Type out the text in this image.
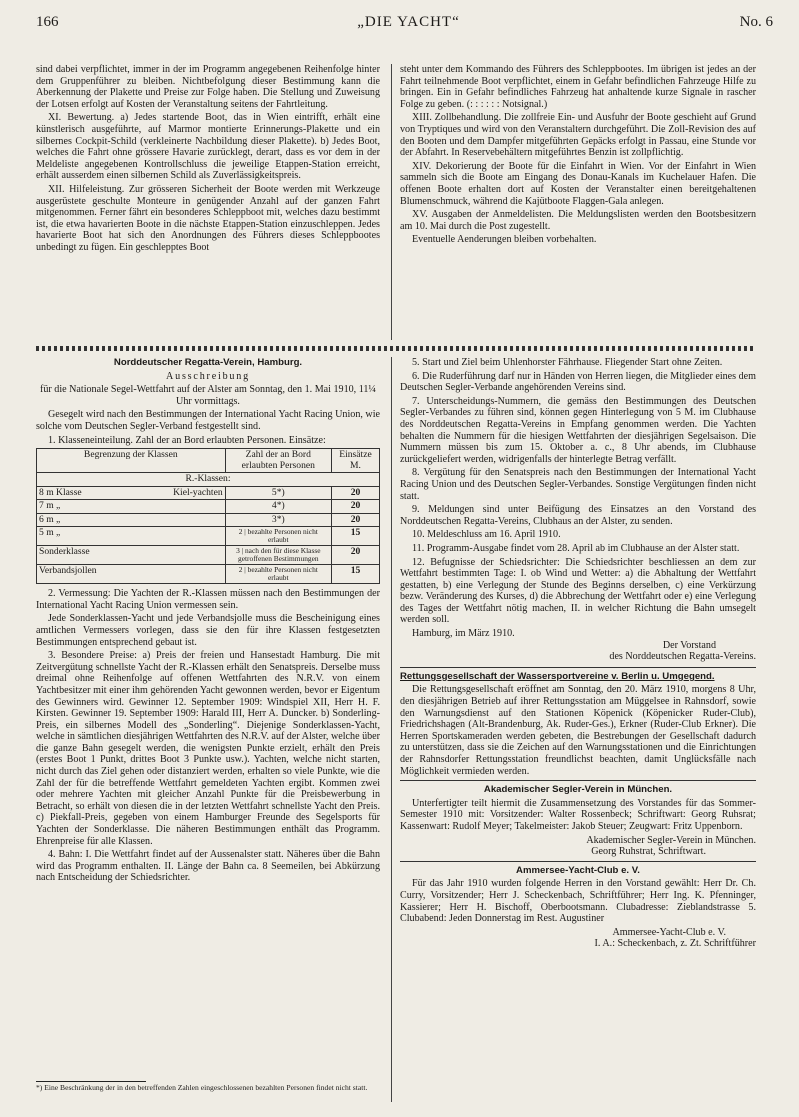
166	„DIE YACHT“	No. 6

sind dabei verpflichtet, immer in der im Programm angegebenen Reihenfolge hinter dem Gruppenführer zu bleiben. Nichtbefolgung dieser Bestimmung kann die Aberkennung der Plakette und Preise zur Folge haben. Die Stellung und Zuweisung der Lotsen erfolgt auf Kosten der Veranstaltung seitens der Fahrtleitung.

XI. Bewertung. a) Jedes startende Boot, das in Wien eintrifft, erhält eine künstlerisch ausgeführte, auf Marmor montierte Erinnerungs-Plakette und ein silbernes Cockpit-Schild (verkleinerte Nachbildung dieser Plakette). b) Jedes Boot, welches die Fahrt ohne grössere Havarie zurücklegt, derart, dass es vor dem in der Meldeliste angegebenen Kontrollschluss die jeweilige Etappen-Station erreicht, erhält ausserdem einen silbernen Schild als Zuverlässigkeitspreis.

XII. Hilfeleistung. Zur grösseren Sicherheit der Boote werden mit Werkzeuge ausgerüstete geschulte Monteure in genügender Anzahl auf der ganzen Fahrt mitgenommen. Ferner fährt ein besonderes Schleppboot mit, welches dazu bestimmt ist, die etwa havarierten Boote in die nächste Etappen-Station einzuschleppen. Jedes havarierte Boot hat sich den Anordnungen des Führers dieses Schleppbootes unbedingt zu fügen. Ein geschlepptes Boot

steht unter dem Kommando des Führers des Schleppbootes. Im übrigen ist jedes an der Fahrt teilnehmende Boot verpflichtet, einem in Gefahr befindlichen Fahrzeuge Hilfe zu bringen. Ein in Gefahr befindliches Fahrzeug hat anhaltende kurze Signale in rascher Folge zu geben. (: : : : : : Notsignal.)

XIII. Zollbehandlung. Die zollfreie Ein- und Ausfuhr der Boote geschieht auf Grund von Tryptiques und wird von den Veranstaltern durchgeführt. Die Zoll-Revision des auf den Booten und dem Dampfer mitgeführten Gepäcks erfolgt in Passau, eine Stunde vor der Abfahrt. In Reservebehältern mitgeführtes Benzin ist zollpflichtig.

XIV. Dekorierung der Boote für die Einfahrt in Wien. Vor der Einfahrt in Wien sammeln sich die Boote am Eingang des Donau-Kanals im Kuchelauer Hafen. Die offenen Boote erhalten dort auf Kosten der Veranstalter einen bereitgehaltenen Blumenschmuck, während die Kajütboote Flaggen-Gala anlegen.

XV. Ausgaben der Anmeldelisten. Die Meldungslisten werden den Bootsbesitzern am 10. Mai durch die Post zugestellt.

Eventuelle Aenderungen bleiben vorbehalten.

Norddeutscher Regatta-Verein, Hamburg.

Ausschreibung

für die Nationale Segel-Wettfahrt auf der Alster am Sonntag, den 1. Mai 1910, 11¼ Uhr vormittags.

Gesegelt wird nach den Bestimmungen der International Yacht Racing Union, wie solche vom Deutschen Segler-Verband festgestellt sind.

1. Klasseneinteilung. Zahl der an Bord erlaubten Personen. Einsätze:

Begrenzung der Klassen	Zahl der an Bord erlaubten Personen	Einsätze M.
R.-Klassen:		
8 m Klasse Kiel-yachten	5*)	20
7 m „	4*)	20
6 m „	3*)	20
5 m „	2 | bezahlte Personen nicht erlaubt	15
Sonderklasse	3 | nach den für diese Klasse getroffenen Bestimmungen	20
Verbandsjollen	2 | bezahlte Personen nicht erlaubt	15

2. Vermessung: Die Yachten der R.-Klassen müssen nach den Bestimmungen der International Yacht Racing Union vermessen sein.

Jede Sonderklassen-Yacht und jede Verbandsjolle muss die Bescheinigung eines amtlichen Vermessers vorlegen, dass sie den für ihre Klassen festgesetzten Bestimmungen entsprechend gebaut ist.

3. Besondere Preise: a) Preis der freien und Hansestadt Hamburg. Die mit Zeitvergütung schnellste Yacht der R.-Klassen erhält den Senatspreis. Derselbe muss dreimal ohne Reihenfolge auf offenen Wettfahrten des N.R.V. von einem Yachtbesitzer mit einer ihm gehörenden Yacht gewonnen werden, bevor er Eigentum des Gewinners wird. Gewinner 12. September 1909: Windspiel XII, Herr H. F. Kirsten. Gewinner 19. September 1909: Harald III, Herr A. Duncker. b) Sonderling-Preis, ein silbernes Modell des „Sonderling“. Diejenige Sonderklassen-Yacht, welche in sämtlichen diesjährigen Wettfahrten des N.R.V. auf der Alster, welche über die ganze Bahn gesegelt werden, die wenigsten Punkte erzielt, erhält den Preis (erstes Boot 1 Punkt, drittes Boot 3 Punkte usw.). Yachten, welche nicht starten, nicht durch das Ziel gehen oder distanziert werden, erhalten so viele Punkte, wie die Zahl der für die betreffende Wettfahrt gemeldeten Yachten ergibt. Kommen zwei oder mehrere Yachten mit gleicher Anzahl Punkte für die Preisbewerbung in Betracht, so erhält von diesen die in der letzten Wettfahrt schnellste Yacht den Preis. c) Piekfall-Preis, gegeben von einem Hamburger Freunde des Segelsports für Yachten der Sonderklasse. Die näheren Bestimmungen enthält das Programm. Ehrenpreise für alle Klassen.

4. Bahn: I. Die Wettfahrt findet auf der Aussenalster statt. Näheres über die Bahn wird das Programm enthalten. II. Länge der Bahn ca. 8 Seemeilen, bei Abkürzung nach Entscheidung der Schiedsrichter.

*) Eine Beschränkung der in den betreffenden Zahlen eingeschlossenen bezahlten Personen findet nicht statt.

5. Start und Ziel beim Uhlenhorster Fährhause. Fliegender Start ohne Zeiten.

6. Die Ruderführung darf nur in Händen von Herren liegen, die Mitglieder eines dem Deutschen Segler-Verbande angehörenden Vereins sind.

7. Unterscheidungs-Nummern, die gemäss den Bestimmungen des Deutschen Segler-Verbandes zu führen sind, können gegen Hinterlegung von 5 M. im Clubhause des Norddeutschen Regatta-Vereins in Empfang genommen werden. Die Yachten behalten die Nummern für die hiesigen Wettfahrten der diesjährigen Segelsaison. Die Nummern müssen bis zum 15. Oktober a. c., 8 Uhr abends, im Clubhause zurückgeliefert werden, widrigenfalls der hinterlegte Betrag verfällt.

8. Vergütung für den Senatspreis nach den Bestimmungen der International Yacht Racing Union und des Deutschen Segler-Verbandes. Sonstige Vergütungen finden nicht statt.

9. Meldungen sind unter Beifügung des Einsatzes an den Vorstand des Norddeutschen Regatta-Vereins, Clubhaus an der Alster, zu senden.

10. Meldeschluss am 16. April 1910.

11. Programm-Ausgabe findet vom 28. April ab im Clubhause an der Alster statt.

12. Befugnisse der Schiedsrichter: Die Schiedsrichter beschliessen an dem zur Wettfahrt bestimmten Tage: I. ob Wind und Wetter: a) die Abhaltung der Wettfahrt gestatten, b) eine Verlegung der Stunde des Beginns derselben, c) eine Verkürzung bezw. Veränderung des Kurses, d) die Abbrechung der Wettfahrt oder e) eine Verlegung des Tages der Wettfahrt nötig machen, II. in welcher Richtung die Bahn umsegelt werden soll.

Hamburg, im März 1910.

Der Vorstand

des Norddeutschen Regatta-Vereins.

Rettungsgesellschaft der Wassersportvereine v. Berlin u. Umgegend.

Die Rettungsgesellschaft eröffnet am Sonntag, den 20. März 1910, morgens 8 Uhr, den diesjährigen Betrieb auf ihrer Rettungsstation am Müggelsee in Rahnsdorf, sowie den Warnungsdienst auf den Stationen Köpenick (Köpenicker Ruder-Club), Friedrichshagen (Alt-Brandenburg, Ak. Ruder-Ges.), Erkner (Ruder-Club Erkner). Die Herren Sportskameraden werden gebeten, die Bestrebungen der Gesellschaft dadurch zu unterstützen, dass sie die Zeichen auf den Warnungsstationen und die Einrichtungen der Rahnsdorfer Rettungsstation freundlichst beachten, damit Unglücksfälle nach Möglichkeit vermieden werden.

Akademischer Segler-Verein in München.

Unterfertigter teilt hiermit die Zusammensetzung des Vorstandes für das Sommer-Semester 1910 mit: Vorsitzender: Walter Rossenbeck; Schriftwart: Georg Ruhsrat; Kassenwart: Rudolf Meyer; Takelmeister: Jakob Steuer; Zeugwart: Fritz Uppenborn.

Akademischer Segler-Verein in München.

Georg Ruhstrat, Schriftwart.

Ammersee-Yacht-Club e. V.

Für das Jahr 1910 wurden folgende Herren in den Vorstand gewählt: Herr Dr. Ch. Curry, Vorsitzender; Herr J. Scheckenbach, Schriftführer; Herr Ing. K. Pfenninger, Kassierer; Herr H. Bischoff, Oberbootsmann. Clubadresse: Zieblandstrasse 5. Clubabend: Jeden Donnerstag im Rest. Augustiner

Ammersee-Yacht-Club e. V.

I. A.: Scheckenbach, z. Zt. Schriftführer
